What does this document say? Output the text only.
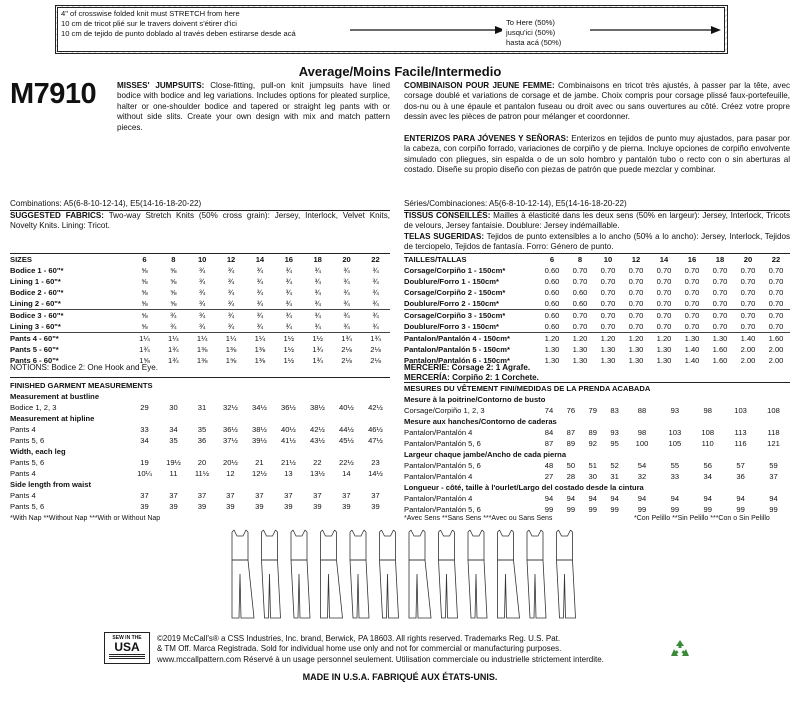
4" of crosswise folded knit must STRETCH from here
10 cm de tricot plié sur le travers doivent s'étirer d'ici
10 cm de tejido de punto doblado al través deben estirarse desde acá
To Here (50%)
jusqu'ici (50%)
hasta acá (50%)
Average/Moins Facile/Intermedio
M7910	MISSES' JUMPSUITS: Close-fitting, pull-on knit jumpsuits have lined bodice with bodice and leg variations. Includes options for pleated surplice, halter or one-shoulder bodice and tapered or straight leg pants with or without side slits. Create your own design with mix and match pattern pieces.
COMBINAISON POUR JEUNE FEMME: Combinaisons en tricot très ajustés, à passer par la tête, avec corsage doublé et variations de corsage et de jambe. Choix compris pour corsage plissé faux-portefeuille, dos-nu ou à une épaule et pantalon fuseau ou droit avec ou sans ouvertures au côté. Créez votre propre dessin avec les pièces de patron pour mélanger et coordonner.
ENTERIZOS PARA JÓVENES Y SEÑORAS: Enterizos en tejidos de punto muy ajustados, para pasar por la cabeza, con corpiño forrado, variaciones de corpiño y de pierna. Incluye opciones de corpiño envolvente simulado con pliegues, sin espalda o de un solo hombro y pantalón tubo o recto con o sin aberturas al costado. Diseñe su propio diseño con piezas de patrón que puede mezclar y combinar.
Combinations: A5(6-8-10-12-14), E5(14-16-18-20-22)	Séries/Combinaciones: A5(6-8-10-12-14), E5(14-16-18-20-22)
SUGGESTED FABRICS: Two-way Stretch Knits (50% cross grain): Jersey, Interlock, Velvet Knits, Novelty Knits. Lining: Tricot.
TISSUS CONSEILLÉS: Mailles à élasticité dans les deux sens (50% en largeur): Jersey, Interlock, Tricots de velours, Jersey fantaisie. Doublure: Jersey indémaillable.
TELAS SUGERIDAS: Tejidos de punto extensibles a lo ancho (50% a lo ancho): Jersey, Interlock, Tejidos de terciopelo, Tejidos de fantasía. Forro: Género de punto.
SIZES	6	8	10	12	14	16	18	20	22
Bodice 1 - 60"*	⅝	⅝	¾	¾	¾	¾	¾	¾	¾
Lining 1 - 60"*	⅝	⅝	¾	¾	¾	¾	¾	¾	¾
Bodice 2 - 60"*	⅝	⅝	¾	¾	¾	¾	¾	¾	¾
Lining 2 - 60"*	⅝	⅝	¾	¾	¾	¾	¾	¾	¾
Bodice 3 - 60"*	⅝	¾	¾	¾	¾	¾	¾	¾	¾
Lining 3 - 60"*	⅝	¾	¾	¾	¾	¾	¾	¾	¾
Pants 4 - 60"*	1¼	1¼	1¼	1¼	1¼	1½	1½	1¾	1¾
Pants 5 - 60"*	1¾	1¾	1⅜	1⅜	1⅜	1½	1¾	2⅛	2⅛
Pants 6 - 60"*	1⅝	1¾	1⅜	1⅝	1⅜	1½	1¾	2⅛	2⅛
NOTIONS: Bodice 2: One Hook and Eye.
TAILLES/TALLAS	6	8	10	12	14	16	18	20	22
Corsage/Corpiño 1 - 150cm*	0.60	0.70	0.70	0.70	0.70	0.70	0.70	0.70	0.70
Doublure/Forro 1 - 150cm*	0.60	0.70	0.70	0.70	0.70	0.70	0.70	0.70	0.70
Corsage/Corpiño 2 - 150cm*	0.60	0.60	0.70	0.70	0.70	0.70	0.70	0.70	0.70
Doublure/Forro 2 - 150cm*	0.60	0.60	0.70	0.70	0.70	0.70	0.70	0.70	0.70
Corsage/Corpiño 3 - 150cm*	0.60	0.70	0.70	0.70	0.70	0.70	0.70	0.70	0.70
Doublure/Forro 3 - 150cm*	0.60	0.70	0.70	0.70	0.70	0.70	0.70	0.70	0.70
Pantalon/Pantalón 4 - 150cm*	1.20	1.20	1.20	1.20	1.20	1.30	1.30	1.40	1.60
Pantalon/Pantalón 5 - 150cm*	1.30	1.30	1.30	1.30	1.30	1.40	1.60	2.00	2.00
Pantalon/Pantalón 6 - 150cm*	1.30	1.30	1.30	1.30	1.30	1.40	1.60	2.00	2.00
MERCERIE: Corsage 2: 1 Agrafe.
MERCERÍA: Corpiño 2: 1 Corchete.
FINISHED GARMENT MEASUREMENTS									
Measurement at bustline									
Bodice 1, 2, 3	29	30	31	32½	34½	36½	38½	40½	42½
Measurement at hipline									
Pants 4	33	34	35	36½	38½	40½	42½	44½	46½
Pants 5, 6	34	35	36	37½	39½	41½	43½	45½	47½
Width, each leg									
Pants 5, 6	19	19½	20	20½	21	21½	22	22½	23
Pants 4	10¼	11	11½	12	12½	13	13½	14	14½
Side length from waist									
Pants 4	37	37	37	37	37	37	37	37	37
Pants 5, 6	39	39	39	39	39	39	39	39	39
*With Nap **Without Nap ***With or Without Nap
MESURES DU VÊTEMENT FINI/MEDIDAS DE LA PRENDA ACABADA									
Mesure à la poitrine/Contorno de busto									
Corsage/Corpiño 1, 2, 3	74	76	79	83	88	93	98	103	108
Mesure aux hanches/Contorno de caderas									
Pantalon/Pantalón 4	84	87	89	93	98	103	108	113	118
Pantalon/Pantalón 5, 6	87	89	92	95	100	105	110	116	121
Largeur chaque jambe/Ancho de cada pierna									
Pantalon/Pantalón 5, 6	48	50	51	52	54	55	56	57	59
Pantalon/Pantalón 4	27	28	30	31	32	33	34	36	37
Longueur - côté, taille à l'ourlet/Largo del costado desde la cintura									
Pantalon/Pantalón 4	94	94	94	94	94	94	94	94	94
Pantalon/Pantalón 5, 6	99	99	99	99	99	99	99	99	99
*Avec Sens **Sans Sens ***Avec ou Sans Sens	*Con Pelillo **Sin Pelillo ***Con o Sin Pelillo
SEW IN THE
USA
©2019 McCall's® a CSS Industries, Inc. brand, Berwick, PA 18603. All rights reserved. Trademarks Reg. U.S. Pat.
& TM Off. Marca Registrada. Sold for individual home use only and not for commercial or manufacturing purposes.
www.mccallpattern.com Réservé à un usage personnel seulement. Utilisation commerciale ou industrielle strictement interdite.
MADE IN U.S.A. FABRIQUÉ AUX ÉTATS-UNIS.
